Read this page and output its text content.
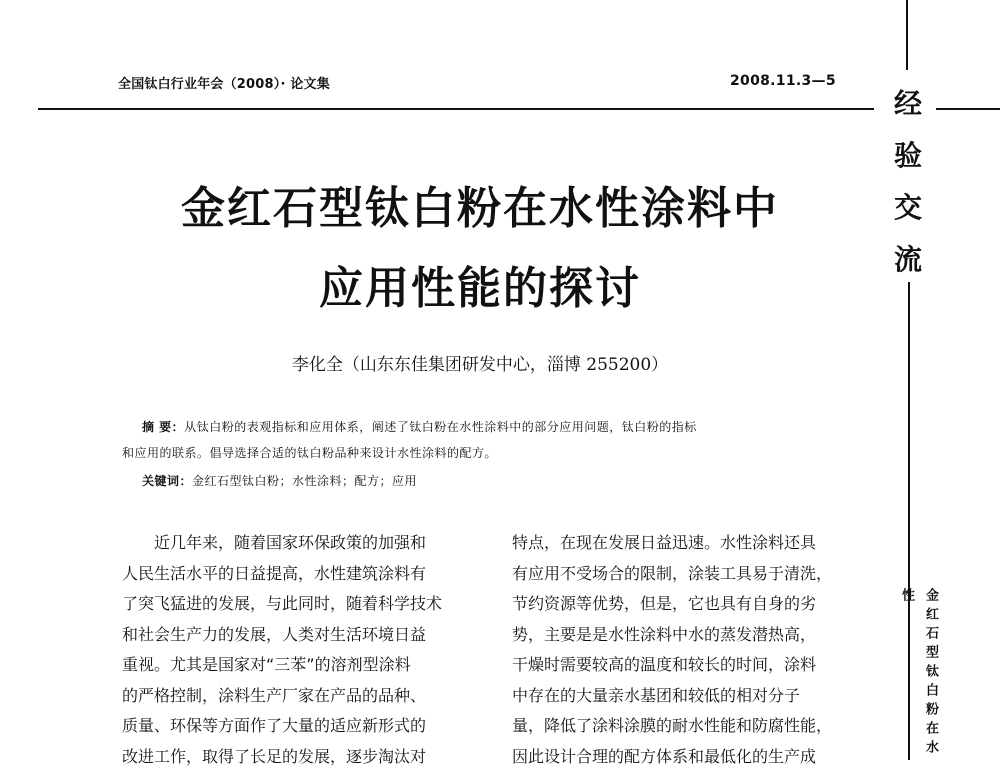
全国钛白行业年会（2008）· 论文集	2008.11.3—5
经
验
交
流
金红石型钛白粉在水性涂料中
应用性能的探讨
李化全（山东东佳集团研发中心，淄博 255200）
摘 要：从钛白粉的表观指标和应用体系，阐述了钛白粉在水性涂料中的部分应用问题，钛白粉的指标
和应用的联系。倡导选择合适的钛白粉品种来设计水性涂料的配方。
关键词：金红石型钛白粉；水性涂料；配方；应用

近几年来，随着国家环保政策的加强和

人民生活水平的日益提高，水性建筑涂料有

了突飞猛进的发展，与此同时，随着科学技术

和社会生产力的发展，人类对生活环境日益

重视。尤其是国家对“三苯”的溶剂型涂料

的严格控制，涂料生产厂家在产品的品种、

质量、环保等方面作了大量的适应新形式的

改进工作，取得了长足的发展，逐步淘汰对

特点，在现在发展日益迅速。水性涂料还具

有应用不受场合的限制，涂装工具易于清洗，

节约资源等优势，但是，它也具有自身的劣

势，主要是是水性涂料中水的蒸发潜热高，

干燥时需要较高的温度和较长的时间，涂料

中存在的大量亲水基团和较低的相对分子

量，降低了涂料涂膜的耐水性能和防腐性能，

因此设计合理的配方体系和最低化的生产成	金红石型钛白粉在水性
